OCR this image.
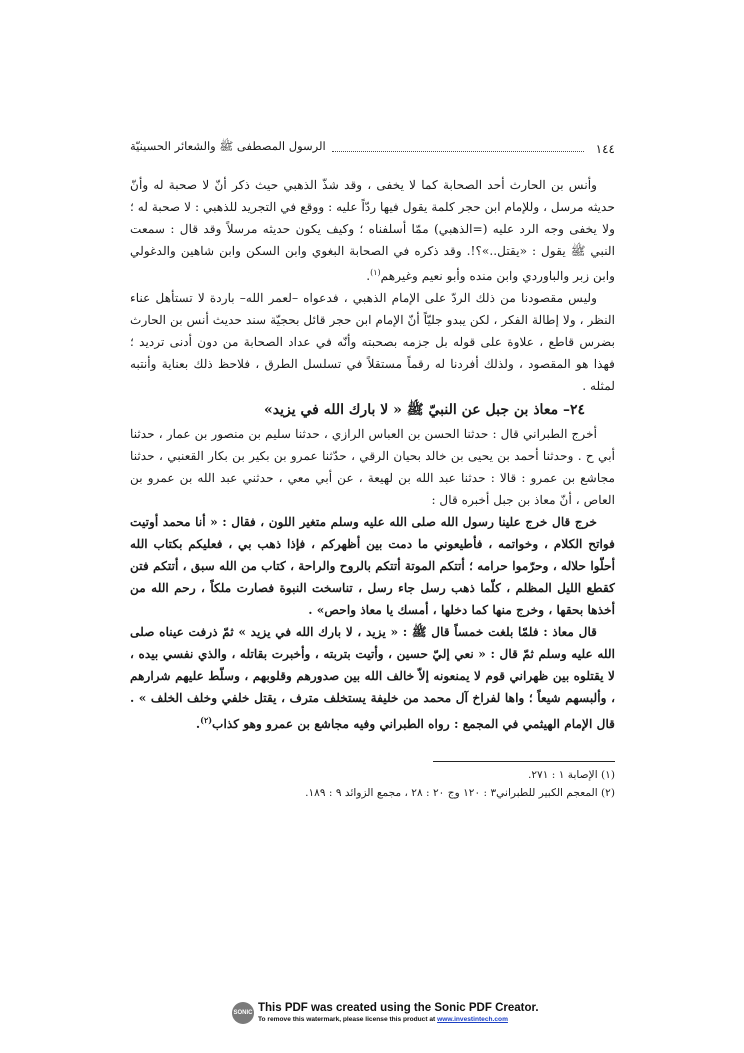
١٤٤
الرسول المصطفى ﷺ والشعائر الحسينيّة

وأنس بن الحارث أحد الصحابة كما لا يخفى ، وقد شذّ الذهبي حيث ذكر أنّ لا صحبة له وأنّ حديثه مرسل ، وللإمام ابن حجر كلمة يقول فيها ردّاً عليه : ووقع في التجريد للذهبي : لا صحبة له ؛ ولا يخفى وجه الرد عليه (=الذهبي) ممّا أسلفناه ؛ وكيف يكون حديثه مرسلاً وقد قال : سمعت النبي ﷺ يقول : «يقتل..»؟!. وقد ذكره في الصحابة البغوي وابن السكن وابن شاهين والدغولي وابن زبر والباوردي وابن منده وأبو نعيم وغيرهم$^{(١)}$.

وليس مقصودنا من ذلك الردّ على الإمام الذهبي ، فدعواه –لعمر الله– باردة لا تستأهل عناء النظر ، ولا إطالة الفكر ، لكن يبدو جليّاً أنّ الإمام ابن حجر قائل بحجيّة سند حديث أنس بن الحارث بضرس قاطع ، علاوة على قوله بل جزمه بصحبته وأنّه في عداد الصحابة من دون أدنى ترديد ؛ فهذا هو المقصود ، ولذلك أفردنا له رقماً مستقلاً في تسلسل الطرق ، فلاحظ ذلك بعناية وأنتبه لمثله .

٢٤– معاذ بن جبل عن النبيّ ﷺ « لا بارك الله في يزيد»

أخرج الطبراني قال : حدثنا الحسن بن العباس الرازي ، حدثنا سليم بن منصور بن عمار ، حدثنا أبي ح . وحدثنا أحمد بن يحيى بن خالد بحيان الرقي ، حدّثنا عمرو بن بكير بن بكار القعنبي ، حدثنا مجاشع بن عمرو : قالا : حدثنا عبد الله بن لهيعة ، عن أبي معي ، حدثني عبد الله بن عمرو بن العاص ، أنّ معاذ بن جبل أخبره قال :

خرج قال خرج علينا رسول الله صلى الله عليه وسلم متغير اللون ، فقال : « أنا محمد أوتيت فواتح الكلام ، وخواتمه ، فأطيعوني ما دمت بين أظهركم ، فإذا ذهب بي ، فعليكم بكتاب الله أحلّوا حلاله ، وحرّموا حرامه ؛ أتتكم الموتة أتتكم بالروح والراحة ، كتاب من الله سبق ، أتتكم فتن كقطع الليل المظلم ، كلّما ذهب رسل جاء رسل ، تناسخت النبوة فصارت ملكاً ، رحم الله من أخذها بحقها ، وخرج منها كما دخلها ، أمسك يا معاذ واحص» .

قال معاذ : فلمّا بلغت خمساً قال ﷺ : « يزيد ، لا بارك الله في يزيد » ثمّ ذرفت عيناه صلى الله عليه وسلم ثمّ قال : « نعي إليّ حسين ، وأتيت بتربته ، وأخبرت بقاتله ، والذي نفسي بيده ، لا يقتلوه بين ظهراني قوم لا يمنعونه إلاّ خالف الله بين صدورهم وقلوبهم ، وسلّط عليهم شرارهم ، وألبسهم شيعاً ؛ واها لفراخ آل محمد من خليفة يستخلف مترف ، يقتل خلفي وخلف الخلف » . قال الإمام الهيثمي في المجمع : رواه الطبراني وفيه مجاشع بن عمرو وهو كذاب$^{(٢)}$.

(١) الإصابة ١ : ٢٧١.
(٢) المعجم الكبير للطبراني٣ : ١٢٠ وج ٢٠ : ٢٨ ، مجمع الزوائد ٩ : ١٨٩.
SONIC This PDF was created using the Sonic PDF Creator.
To remove this watermark, please license this product at www.investintech.com
